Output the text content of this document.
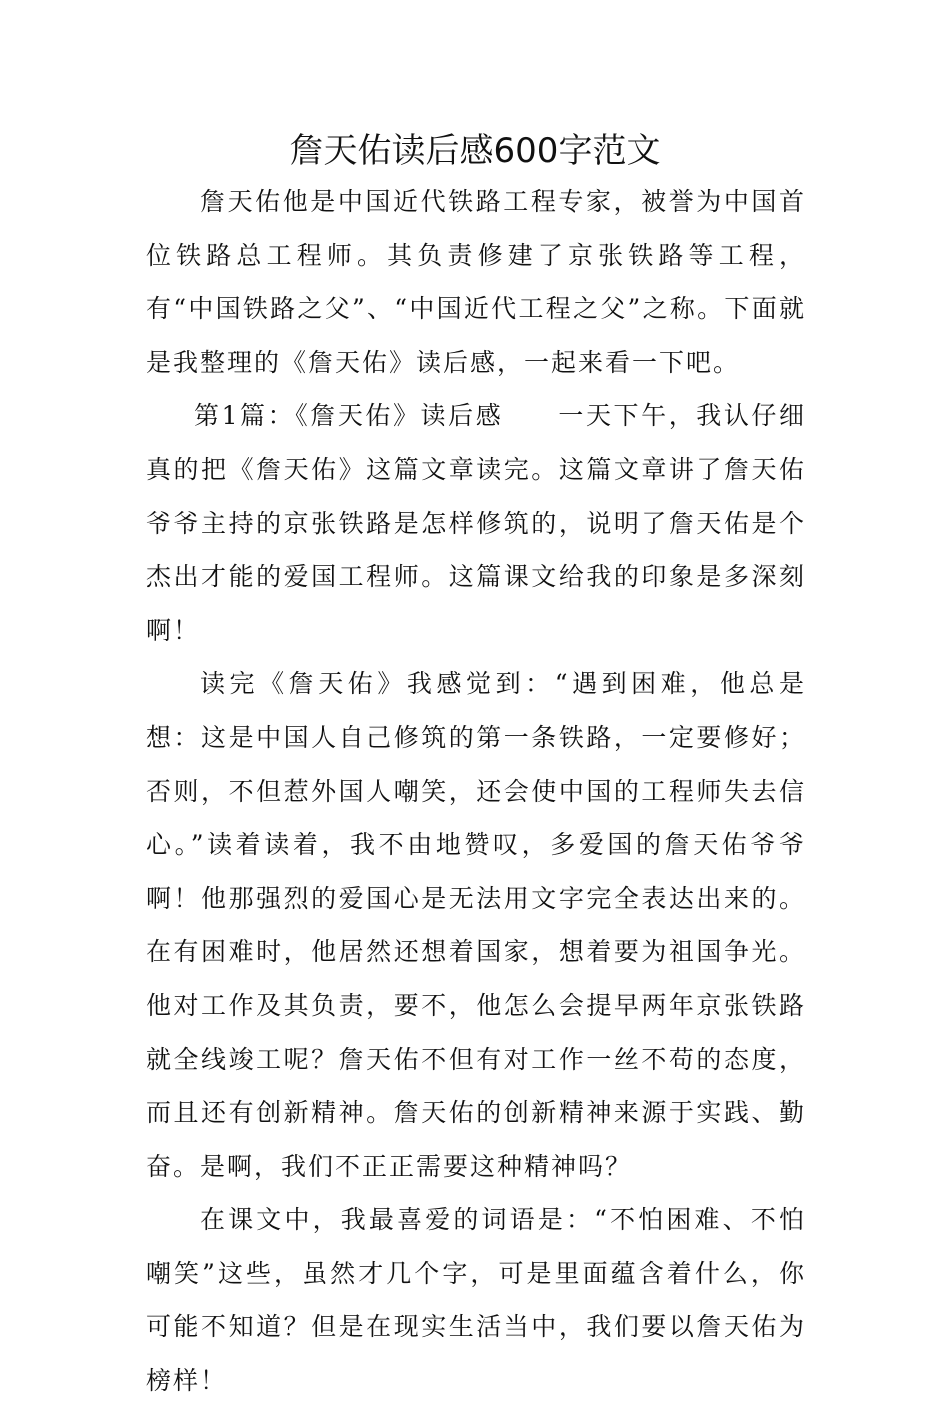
詹天佑读后感600字范文

詹天佑他是中国近代铁路工程专家，被誉为中国首位铁路总工程师。其负责修建了京张铁路等工程，有“中国铁路之父”、“中国近代工程之父”之称。下面就是我整理的《詹天佑》读后感，一起来看一下吧。

第1篇：《詹天佑》读后感　　一天下午，我认仔细真的把《詹天佑》这篇文章读完。这篇文章讲了詹天佑爷爷主持的京张铁路是怎样修筑的，说明了詹天佑是个杰出才能的爱国工程师。这篇课文给我的印象是多深刻啊！

读完《詹天佑》我感觉到：“遇到困难，他总是想：这是中国人自己修筑的第一条铁路，一定要修好；否则，不但惹外国人嘲笑，还会使中国的工程师失去信心。”读着读着，我不由地赞叹，多爱国的詹天佑爷爷啊！他那强烈的爱国心是无法用文字完全表达出来的。在有困难时，他居然还想着国家，想着要为祖国争光。他对工作及其负责，要不，他怎么会提早两年京张铁路就全线竣工呢？詹天佑不但有对工作一丝不苟的态度，而且还有创新精神。詹天佑的创新精神来源于实践、勤奋。是啊，我们不正正需要这种精神吗？

在课文中，我最喜爱的词语是：“不怕困难、不怕嘲笑”这些，虽然才几个字，可是里面蕴含着什么，你可能不知道？但是在现实生活当中，我们要以詹天佑为榜样！
